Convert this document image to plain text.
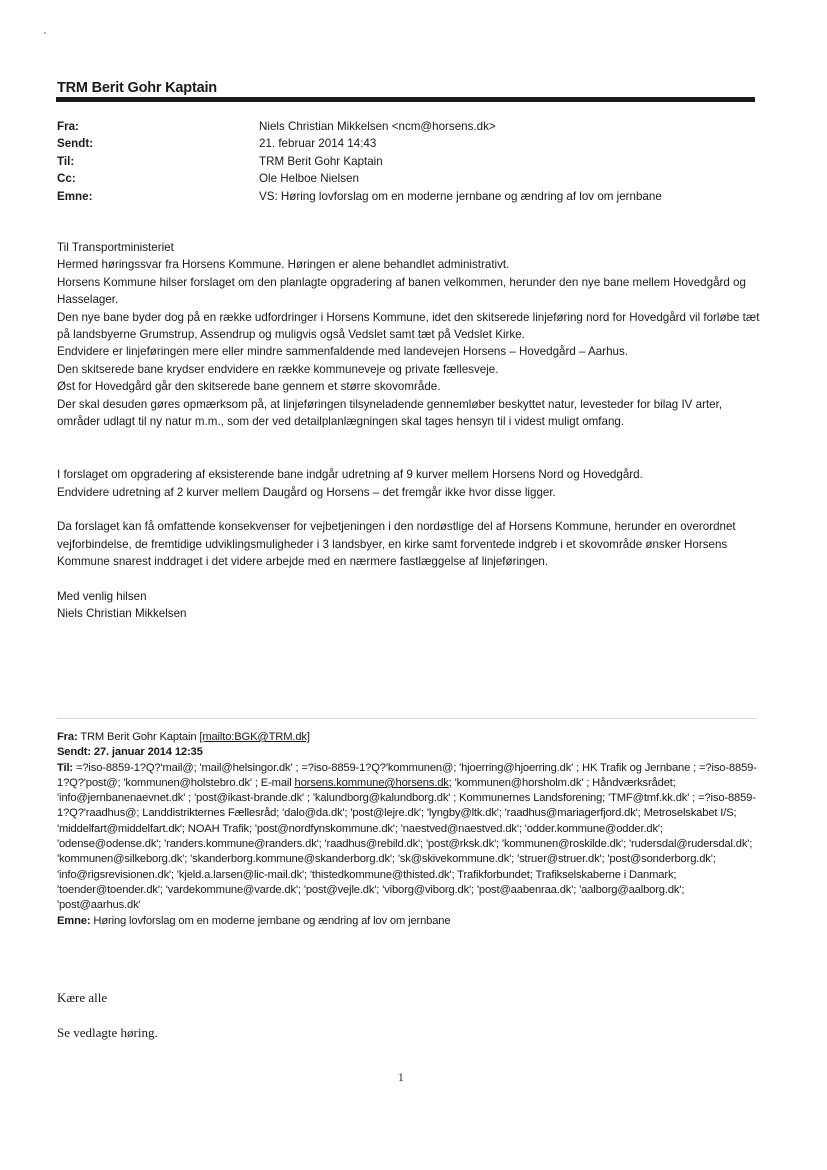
TRM Berit Gohr Kaptain
Fra:	Niels Christian Mikkelsen <ncm@horsens.dk>
Sendt:	21. februar 2014 14:43
Til:	TRM Berit Gohr Kaptain
Cc:	Ole Helboe Nielsen
Emne:	VS: Høring lovforslag om en moderne jernbane og ændring af lov om jernbane

Til Transportministeriet

Hermed høringssvar fra Horsens Kommune. Høringen er alene behandlet administrativt.

Horsens Kommune hilser forslaget om den planlagte opgradering af banen velkommen, herunder den nye bane mellem Hovedgård og Hasselager.

Den nye bane byder dog på en række udfordringer i Horsens Kommune, idet den skitserede linjeføring nord for Hovedgård vil forløbe tæt på landsbyerne Grumstrup, Assendrup og muligvis også Vedslet samt tæt på Vedslet Kirke.

Endvidere er linjeføringen mere eller mindre sammenfaldende med landevejen Horsens – Hovedgård – Aarhus.

Den skitserede bane krydser endvidere en række kommuneveje og private fællesveje.

Øst for Hovedgård går den skitserede bane gennem et større skovområde.

Der skal desuden gøres opmærksom på, at linjeføringen tilsyneladende gennemløber beskyttet natur, levesteder for bilag IV arter, områder udlagt til ny natur m.m., som der ved detailplanlægningen skal tages hensyn til i videst muligt omfang.

I forslaget om opgradering af eksisterende bane indgår udretning af 9 kurver mellem Horsens Nord og Hovedgård.

Endvidere udretning af 2 kurver mellem Daugård og Horsens – det fremgår ikke hvor disse ligger.

Da forslaget kan få omfattende konsekvenser for vejbetjeningen i den nordøstlige del af Horsens Kommune, herunder en overordnet vejforbindelse, de fremtidige udviklingsmuligheder i 3 landsbyer, en kirke samt forventede indgreb i et skovområde ønsker Horsens Kommune snarest inddraget i det videre arbejde med en nærmere fastlæggelse af linjeføringen.

Med venlig hilsen

Niels Christian Mikkelsen

Fra: TRM Berit Gohr Kaptain [mailto:BGK@TRM.dk]
Sendt: 27. januar 2014 12:35
Til: =?iso-8859-1?Q?'mail@; 'mail@helsingor.dk' ; =?iso-8859-1?Q?'kommunen@; 'hjoerring@hjoerring.dk' ; HK Trafik og Jernbane ; =?iso-8859-1?Q?'post@; 'kommunen@holstebro.dk' ; E-mail horsens.kommune@horsens.dk; 'kommunen@horsholm.dk' ; Håndværksrådet; 'info@jernbanenaevnet.dk' ; 'post@ikast-brande.dk' ; 'kalundborg@kalundborg.dk' ; Kommunernes Landsforening; 'TMF@tmf.kk.dk' ; =?iso-8859-1?Q?'raadhus@; Landdistrikternes Fællesråd; 'dalo@da.dk'; 'post@lejre.dk'; 'lyngby@ltk.dk'; 'raadhus@mariagerfjord.dk'; Metroselskabet I/S; 'middelfart@middelfart.dk'; NOAH Trafik; 'post@nordfynskommune.dk'; 'naestved@naestved.dk'; 'odder.kommune@odder.dk'; 'odense@odense.dk'; 'randers.kommune@randers.dk'; 'raadhus@rebild.dk'; 'post@rksk.dk'; 'kommunen@roskilde.dk'; 'rudersdal@rudersdal.dk'; 'kommunen@silkeborg.dk'; 'skanderborg.kommune@skanderborg.dk'; 'sk@skivekommune.dk'; 'struer@struer.dk'; 'post@sonderborg.dk'; 'info@rigsrevisionen.dk'; 'kjeld.a.larsen@lic-mail.dk'; 'thistedkommune@thisted.dk'; Trafikforbundet; Trafikselskaberne i Danmark; 'toender@toender.dk'; 'vardekommune@varde.dk'; 'post@vejle.dk'; 'viborg@viborg.dk'; 'post@aabenraa.dk'; 'aalborg@aalborg.dk'; 'post@aarhus.dk'
Emne: Høring lovforslag om en moderne jernbane og ændring af lov om jernbane
Kære alle
Se vedlagte høring.
1
